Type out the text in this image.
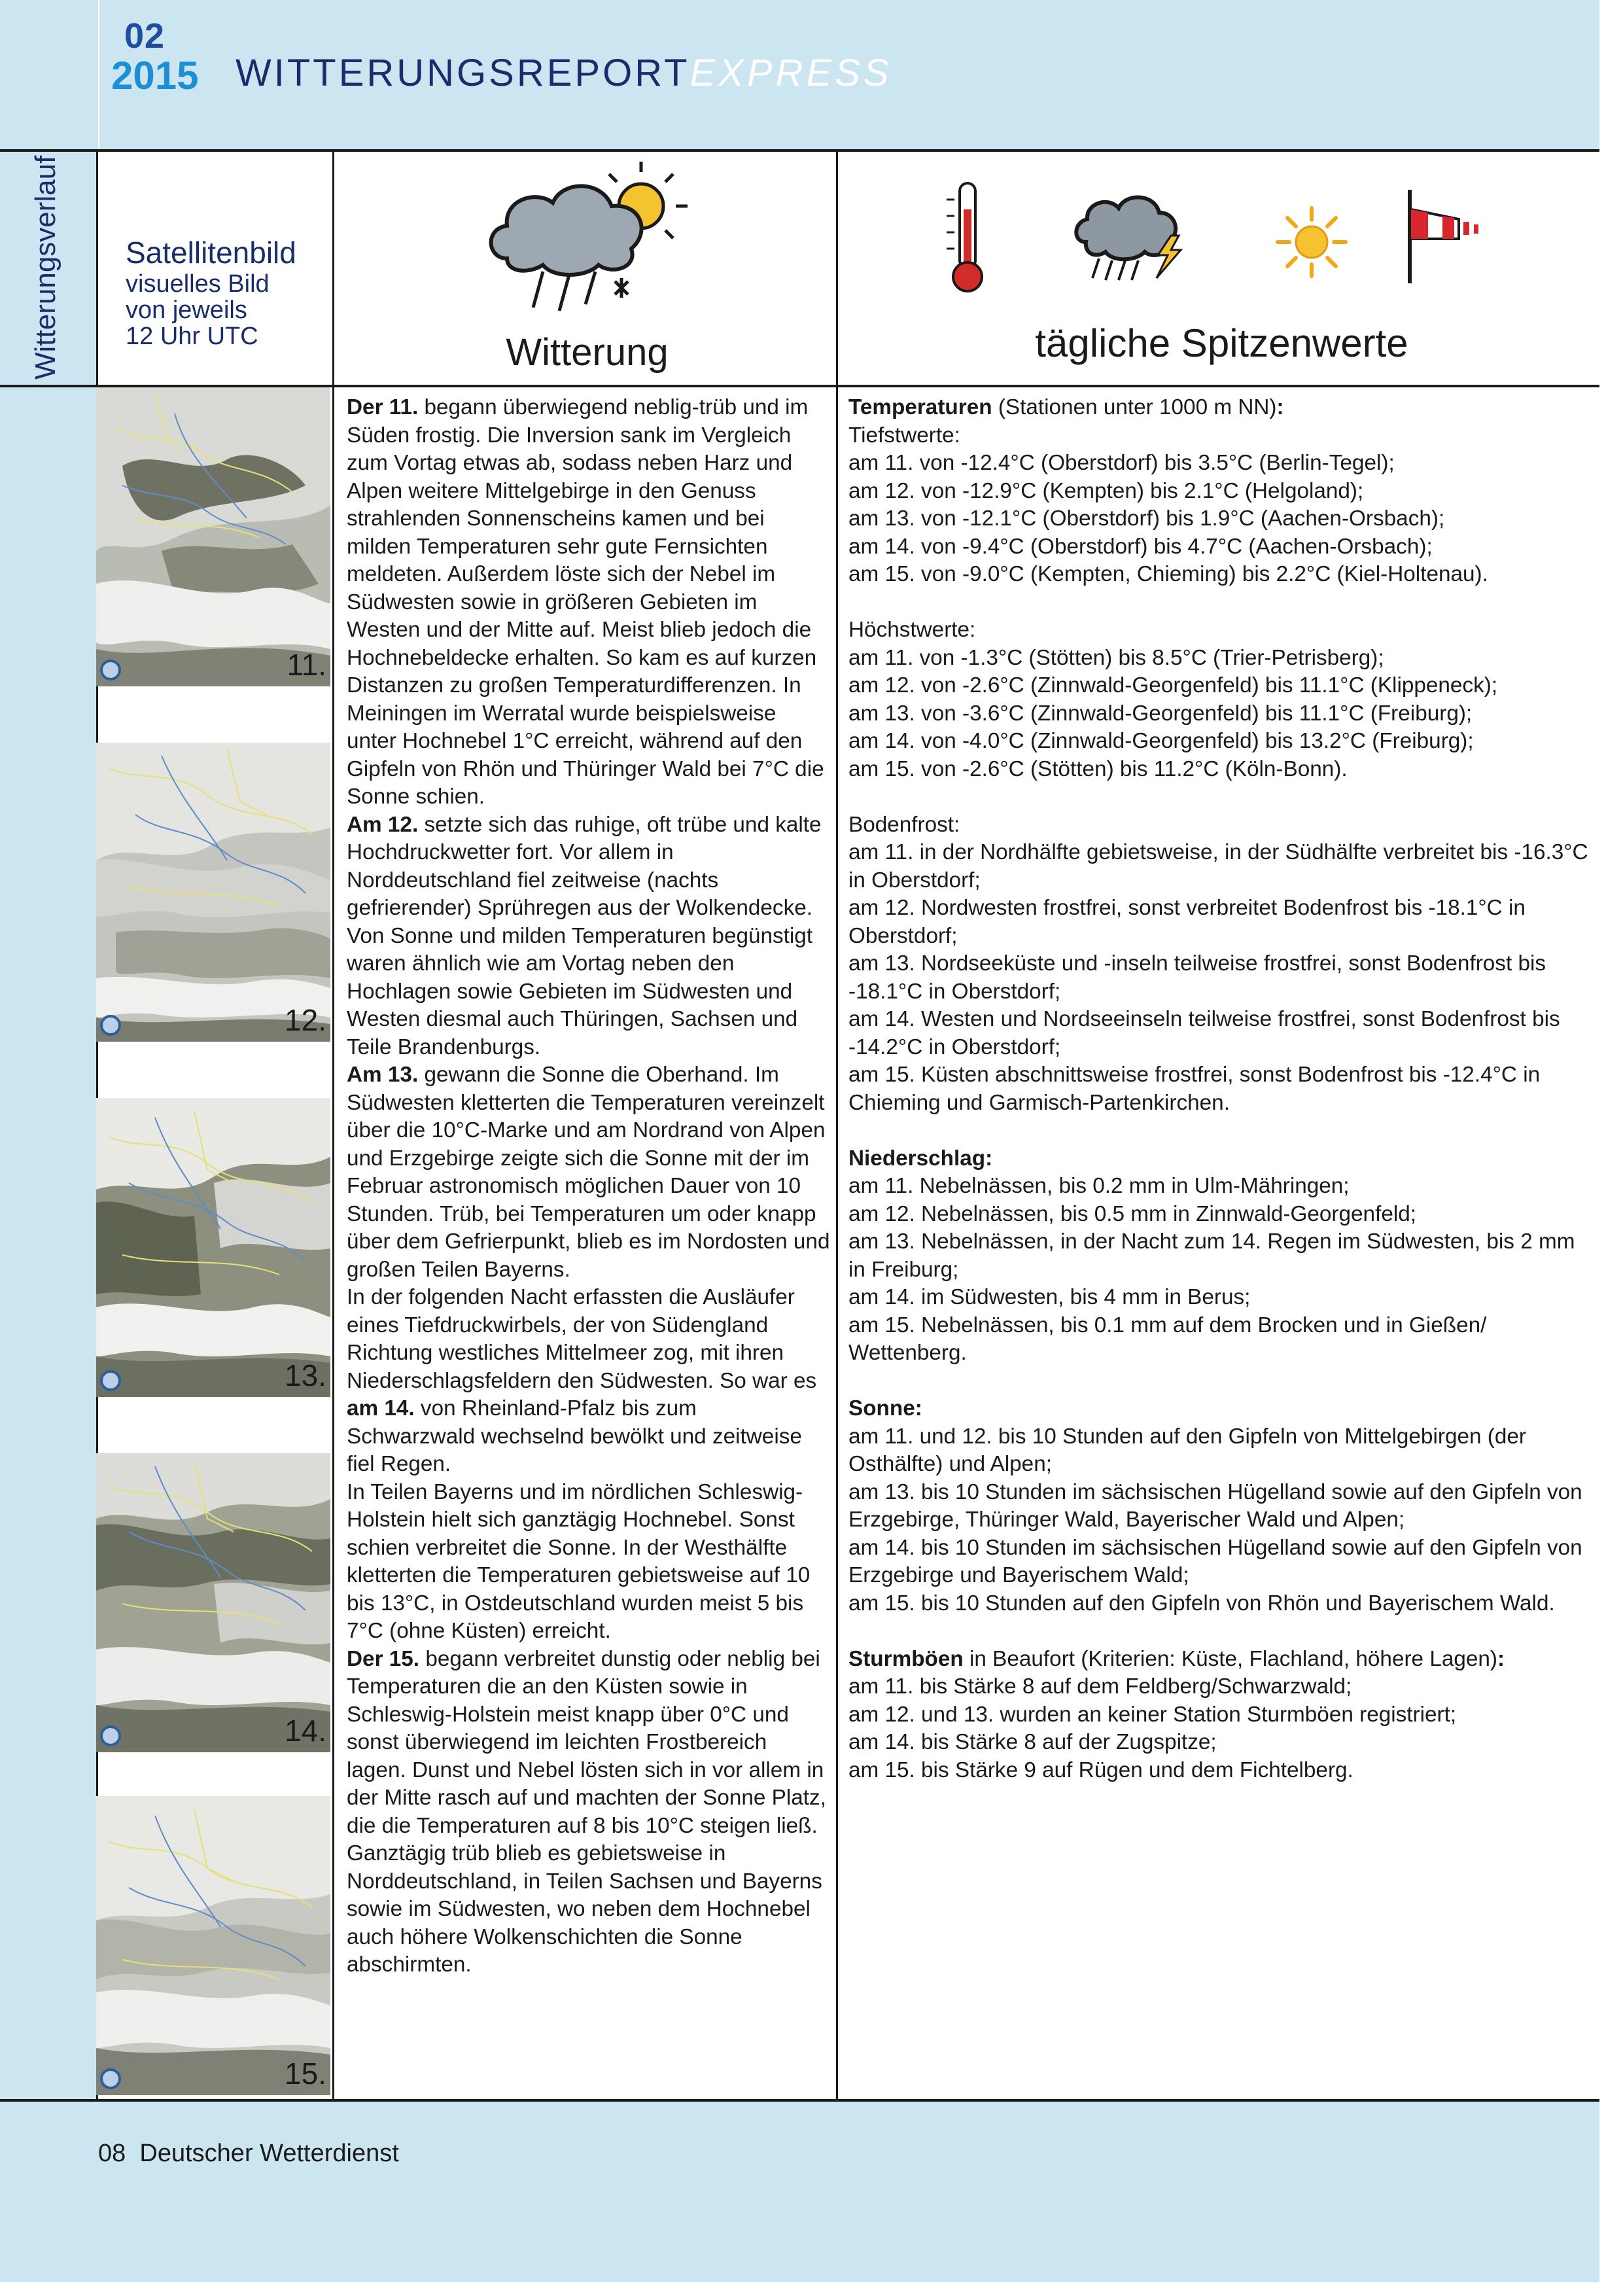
02
2015 WITTERUNGSREPORTEXPRESS
Witterungsverlauf Satellitenbild
visuelles Bild
von jeweils
12 Uhr UTC	Witterung	tägliche Spitzenwerte
11.
12.
13.
14.
15.

Der 11. begann überwiegend neblig-trüb und im Süden frostig. Die Inversion sank im Vergleich zum Vortag etwas ab, sodass neben Harz und Alpen weitere Mittelgebirge in den Genuss strahlenden Sonnenscheins kamen und bei milden Temperaturen sehr gute Fernsichten meldeten. Außerdem löste sich der Nebel im Südwesten sowie in größeren Gebieten im Westen und der Mitte auf. Meist blieb jedoch die Hochnebeldecke erhalten. So kam es auf kurzen Distanzen zu großen Temperaturdifferenzen. In Meiningen im Werratal wurde beispielsweise unter Hochnebel 1°C erreicht, während auf den Gipfeln von Rhön und Thüringer Wald bei 7°C die Sonne schien.

Am 12. setzte sich das ruhige, oft trübe und kalte Hochdruckwetter fort. Vor allem in Norddeutschland fiel zeitweise (nachts gefrierender) Sprühregen aus der Wolkendecke. Von Sonne und milden Temperaturen begünstigt waren ähnlich wie am Vortag neben den Hochlagen sowie Gebieten im Südwesten und Westen diesmal auch Thüringen, Sachsen und Teile Brandenburgs.

Am 13. gewann die Sonne die Oberhand. Im Südwesten kletterten die Temperaturen vereinzelt über die 10°C-Marke und am Nordrand von Alpen und Erzgebirge zeigte sich die Sonne mit der im Februar astronomisch möglichen Dauer von 10 Stunden. Trüb, bei Temperaturen um oder knapp über dem Gefrierpunkt, blieb es im Nordosten und großen Teilen Bayerns.

In der folgenden Nacht erfassten die Ausläufer eines Tiefdruckwirbels, der von Südengland Richtung westliches Mittelmeer zog, mit ihren Niederschlagsfeldern den Südwesten. So war es am 14. von Rheinland-Pfalz bis zum Schwarzwald wechselnd bewölkt und zeitweise fiel Regen.

In Teilen Bayerns und im nördlichen Schleswig-Holstein hielt sich ganztägig Hochnebel. Sonst schien verbreitet die Sonne. In der Westhälfte kletterten die Temperaturen gebietsweise auf 10 bis 13°C, in Ostdeutschland wurden meist 5 bis 7°C (ohne Küsten) erreicht.

Der 15. begann verbreitet dunstig oder neblig bei Temperaturen die an den Küsten sowie in Schleswig-Holstein meist knapp über 0°C und sonst überwiegend im leichten Frostbereich lagen. Dunst und Nebel lösten sich in vor allem in der Mitte rasch auf und machten der Sonne Platz, die die Temperaturen auf 8 bis 10°C steigen ließ. Ganztägig trüb blieb es gebietsweise in Norddeutschland, in Teilen Sachsen und Bayerns sowie im Südwesten, wo neben dem Hochnebel auch höhere Wolkenschichten die Sonne abschirmten.

Temperaturen (Stationen unter 1000 m NN):

Tiefstwerte:

am 11. von -12.4°C (Oberstdorf) bis 3.5°C (Berlin-Tegel);

am 12. von -12.9°C (Kempten) bis 2.1°C (Helgoland);

am 13. von -12.1°C (Oberstdorf) bis 1.9°C (Aachen-Orsbach);

am 14. von -9.4°C (Oberstdorf) bis 4.7°C (Aachen-Orsbach);

am 15. von -9.0°C (Kempten, Chieming) bis 2.2°C (Kiel-Holtenau).

Höchstwerte:

am 11. von -1.3°C (Stötten) bis 8.5°C (Trier-Petrisberg);

am 12. von -2.6°C (Zinnwald-Georgenfeld) bis 11.1°C (Klippeneck);

am 13. von -3.6°C (Zinnwald-Georgenfeld) bis 11.1°C (Freiburg);

am 14. von -4.0°C (Zinnwald-Georgenfeld) bis 13.2°C (Freiburg);

am 15. von -2.6°C (Stötten) bis 11.2°C (Köln-Bonn).

Bodenfrost:

am 11. in der Nordhälfte gebietsweise, in der Südhälfte verbreitet bis -16.3°C in Oberstdorf;

am 12. Nordwesten frostfrei, sonst verbreitet Bodenfrost bis -18.1°C in Oberstdorf;

am 13. Nordseeküste und -inseln teilweise frostfrei, sonst Bodenfrost bis -18.1°C in Oberstdorf;

am 14. Westen und Nordseeinseln teilweise frostfrei, sonst Bodenfrost bis -14.2°C in Oberstdorf;

am 15. Küsten abschnittsweise frostfrei, sonst Bodenfrost bis -12.4°C in Chieming und Garmisch-Partenkirchen.

Niederschlag:

am 11. Nebelnässen, bis 0.2 mm in Ulm-Mähringen;

am 12. Nebelnässen, bis 0.5 mm in Zinnwald-Georgenfeld;

am 13. Nebelnässen, in der Nacht zum 14. Regen im Südwesten, bis 2 mm in Freiburg;

am 14. im Südwesten, bis 4 mm in Berus;

am 15. Nebelnässen, bis 0.1 mm auf dem Brocken und in Gießen/ Wettenberg.

Sonne:

am 11. und 12. bis 10 Stunden auf den Gipfeln von Mittelgebirgen (der Osthälfte) und Alpen;

am 13. bis 10 Stunden im sächsischen Hügelland sowie auf den Gipfeln von Erzgebirge, Thüringer Wald, Bayerischer Wald und Alpen;

am 14. bis 10 Stunden im sächsischen Hügelland sowie auf den Gipfeln von Erzgebirge und Bayerischem Wald;

am 15. bis 10 Stunden auf den Gipfeln von Rhön und Bayerischem Wald.

Sturmböen in Beaufort (Kriterien: Küste, Flachland, höhere Lagen):

am 11. bis Stärke 8 auf dem Feldberg/Schwarzwald;

am 12. und 13. wurden an keiner Station Sturmböen registriert;

am 14. bis Stärke 8 auf der Zugspitze;

am 15. bis Stärke 9 auf Rügen und dem Fichtelberg.

08 Deutscher Wetterdienst
